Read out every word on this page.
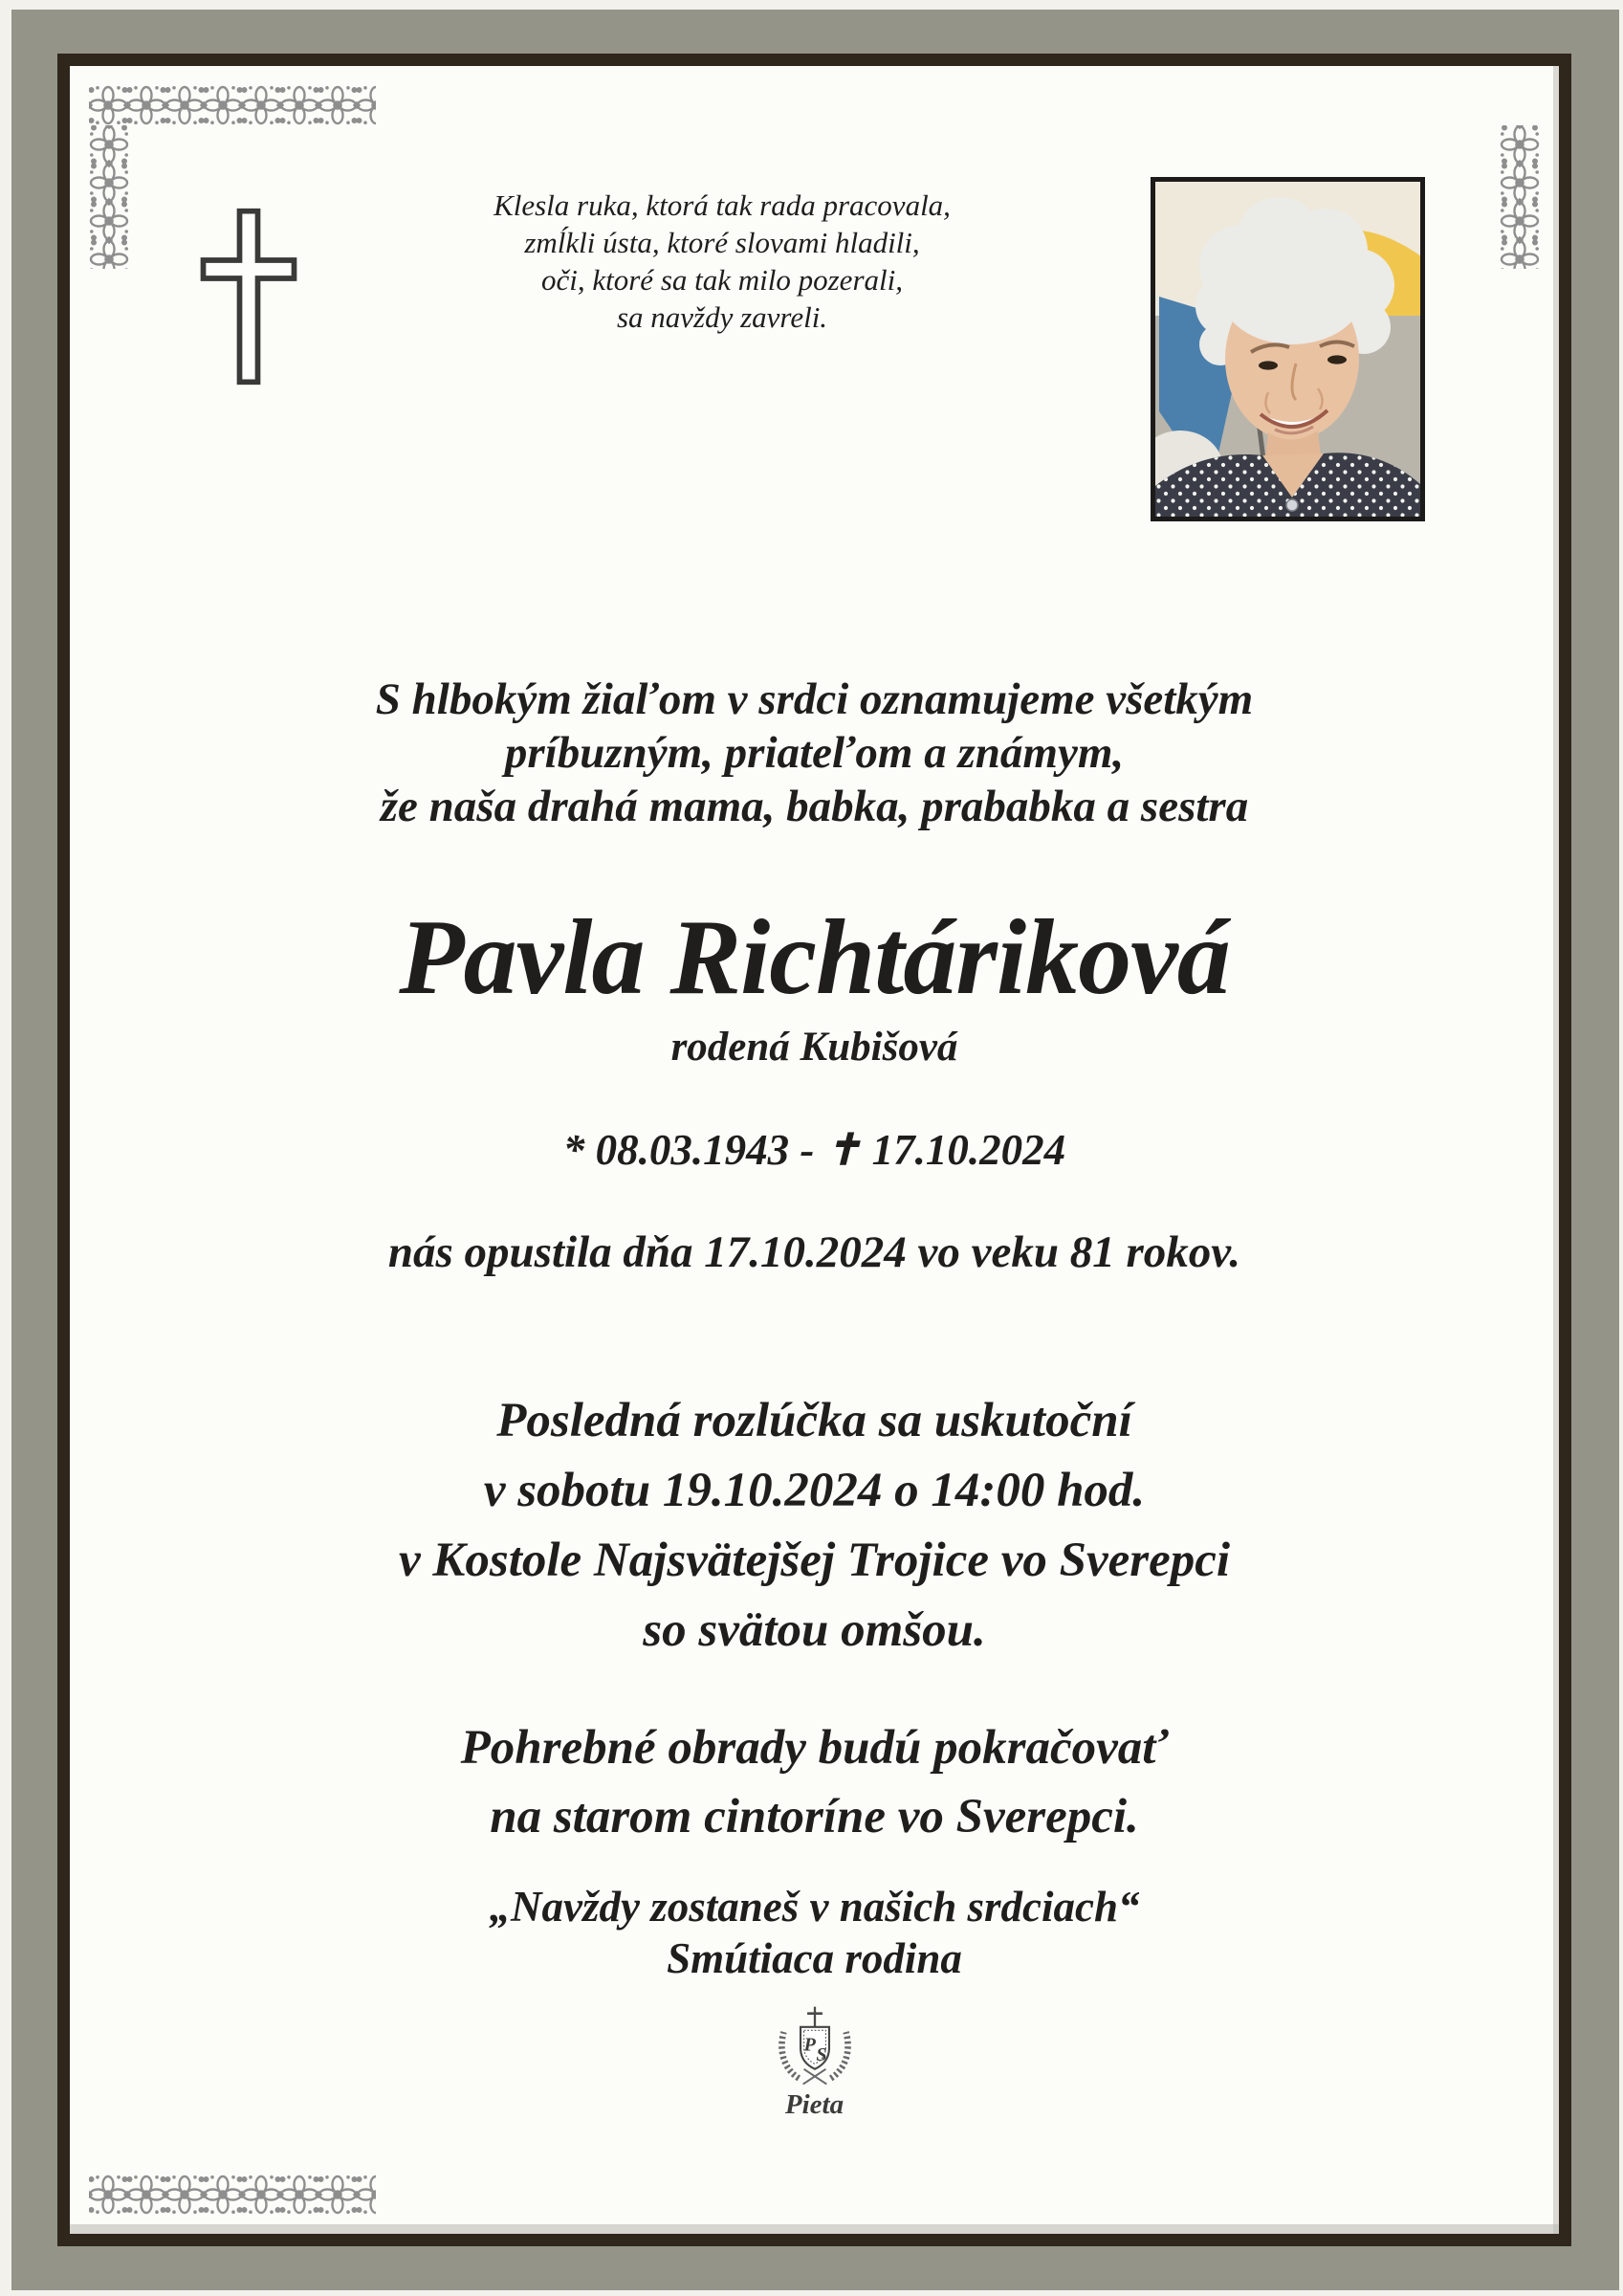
Klesla ruka, ktorá tak rada pracovala,
zmĺkli ústa, ktoré slovami hladili,
oči, ktoré sa tak milo pozerali,
sa navždy zavreli.
S hlbokým žiaľom v srdci oznamujeme všetkým
príbuzným, priateľom a známym,
že naša drahá mama, babka, prababka a sestra
Pavla Richtáriková
rodená Kubišová
* 08.03.1943 - ✝ 17.10.2024
nás opustila dňa 17.10.2024 vo veku 81 rokov.
Posledná rozlúčka sa uskutoční
v sobotu 19.10.2024 o 14:00 hod.
v Kostole Najsvätejšej Trojice vo Sverepci
so svätou omšou.
Pohrebné obrady budú pokračovať
na starom cintoríne vo Sverepci.
„Navždy zostaneš v našich srdciach“
Smútiaca rodina
P S
Pieta
